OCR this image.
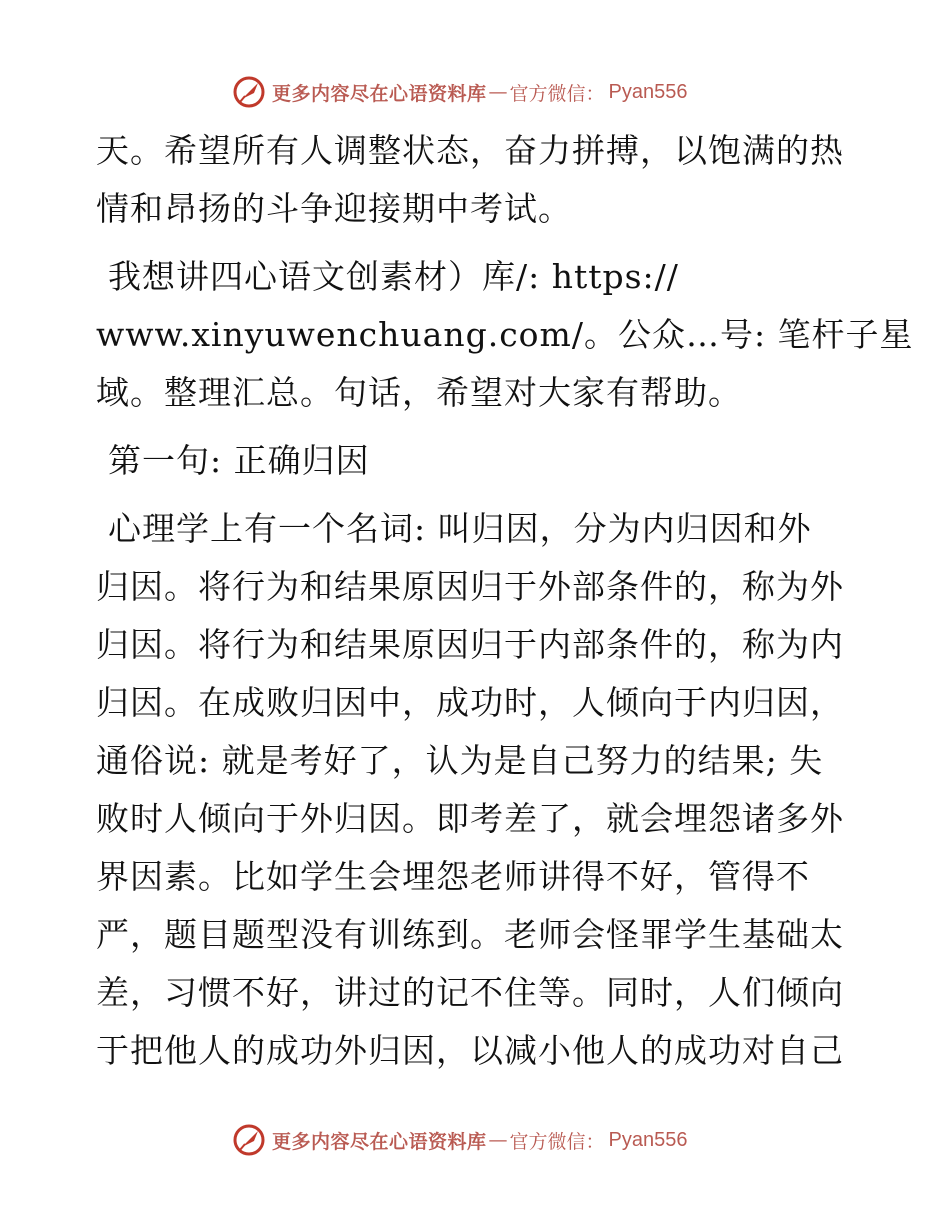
更多内容尽在心语资料库 — 官方微信： Pyan556
天。希望所有人调整状态，奋力拼搏，以饱满的热
情和昂扬的斗争迎接期中考试。
我想讲四心语文创素材）库/: https://
www.xinyuwenchuang.com/。公众…号: 笔杆子星
域。整理汇总。句话，希望对大家有帮助。
第一句: 正确归因
心理学上有一个名词: 叫归因，分为内归因和外
归因。将行为和结果原因归于外部条件的，称为外
归因。将行为和结果原因归于内部条件的，称为内
归因。在成败归因中，成功时，人倾向于内归因，
通俗说: 就是考好了，认为是自己努力的结果; 失
败时人倾向于外归因。即考差了，就会埋怨诸多外
界因素。比如学生会埋怨老师讲得不好，管得不
严，题目题型没有训练到。老师会怪罪学生基础太
差，习惯不好，讲过的记不住等。同时，人们倾向
于把他人的成功外归因，以减小他人的成功对自己
更多内容尽在心语资料库 — 官方微信： Pyan556
